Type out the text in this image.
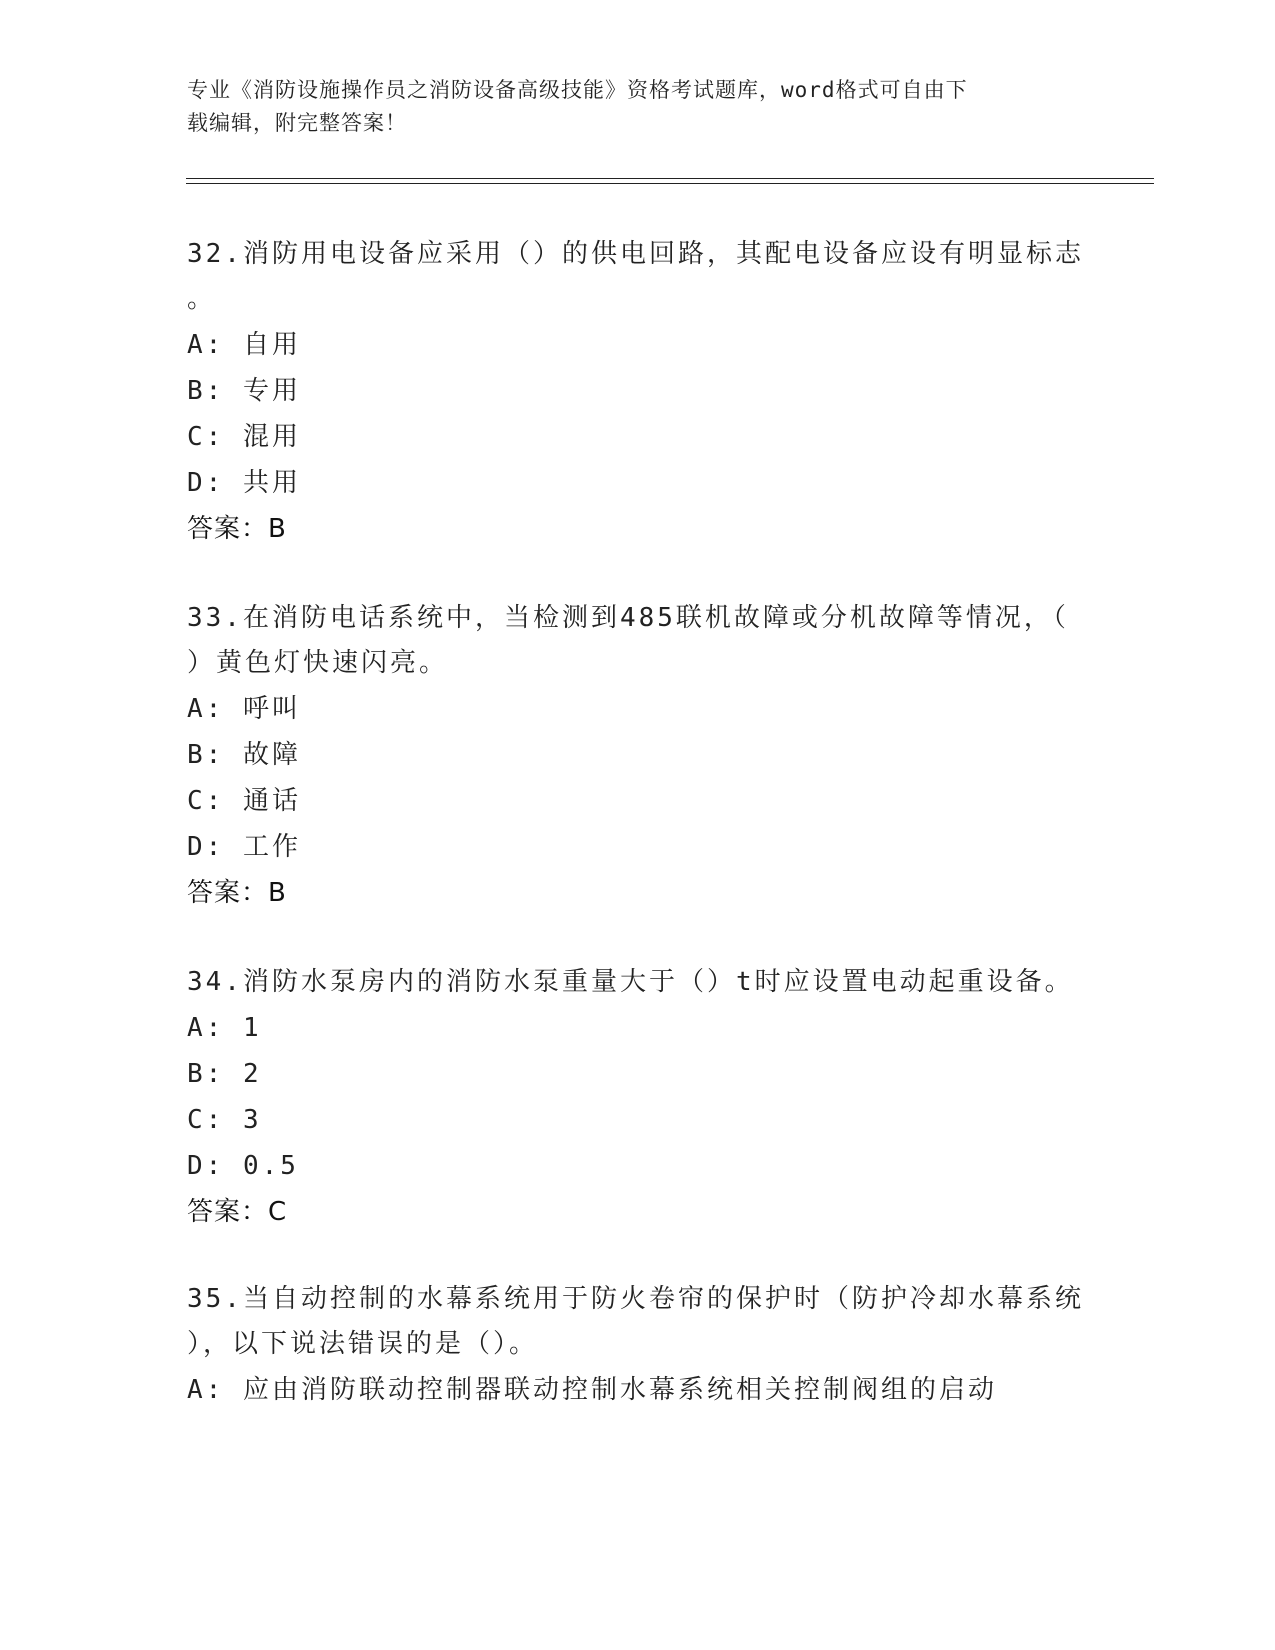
专业《消防设施操作员之消防设备高级技能》资格考试题库，word格式可自由下
载编辑，附完整答案！
32.消防用电设备应采用（）的供电回路，其配电设备应设有明显标志
。
A: 自用
B: 专用
C: 混用
D: 共用
答案：B
33.在消防电话系统中，当检测到485联机故障或分机故障等情况，（
）黄色灯快速闪亮。
A: 呼叫
B: 故障
C: 通话
D: 工作
答案：B
34.消防水泵房内的消防水泵重量大于（）t时应设置电动起重设备。
A: 1
B: 2
C: 3
D: 0.5
答案：C
35.当自动控制的水幕系统用于防火卷帘的保护时（防护冷却水幕系统
），以下说法错误的是（）。
A: 应由消防联动控制器联动控制水幕系统相关控制阀组的启动
